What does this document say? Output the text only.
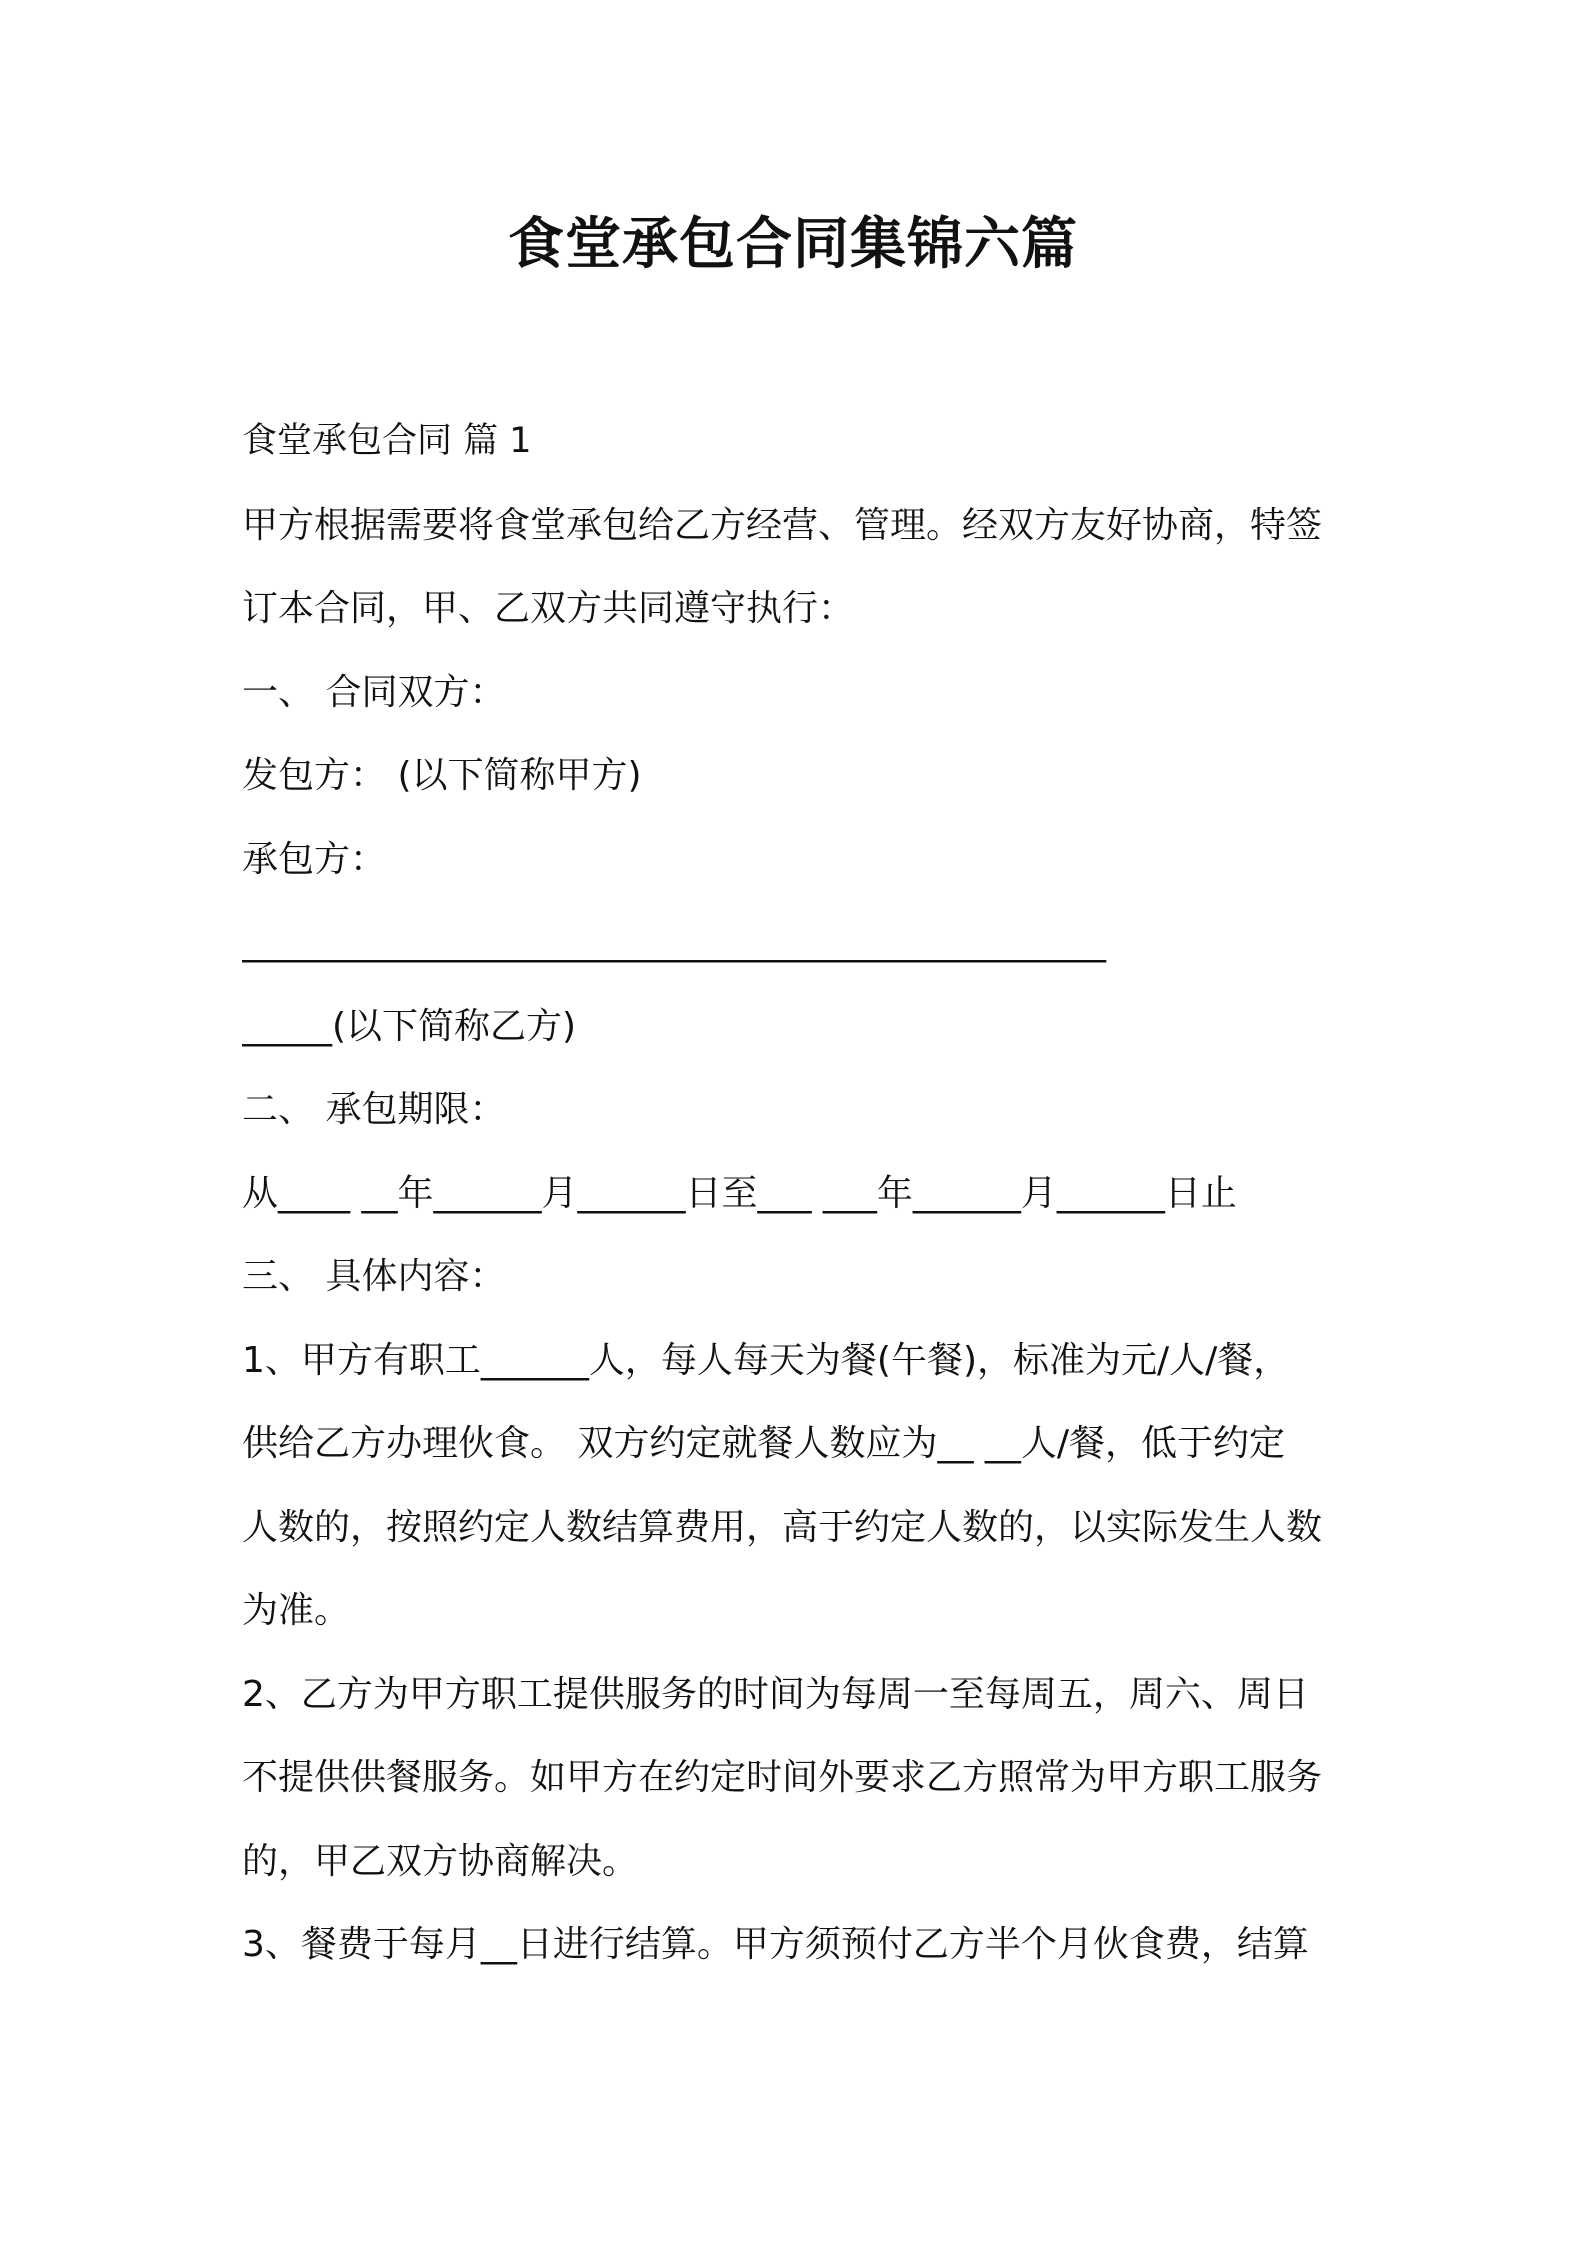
食堂承包合同集锦六篇
食堂承包合同 篇 1
甲方根据需要将食堂承包给乙方经营、管理。经双方友好协商，特签
订本合同，甲、乙双方共同遵守执行：
一、 合同双方：
发包方： (以下简称甲方)
承包方：
________________________________________________
_____(以下简称乙方)
二、 承包期限：
从____ __年______月______日至___ ___年______月______日止
三、 具体内容：
1、甲方有职工______人，每人每天为餐(午餐)，标准为元/人/餐，
供给乙方办理伙食。 双方约定就餐人数应为__ __人/餐，低于约定
人数的，按照约定人数结算费用，高于约定人数的，以实际发生人数
为准。
2、乙方为甲方职工提供服务的时间为每周一至每周五，周六、周日
不提供供餐服务。如甲方在约定时间外要求乙方照常为甲方职工服务
的，甲乙双方协商解决。
3、餐费于每月__日进行结算。甲方须预付乙方半个月伙食费，结算
